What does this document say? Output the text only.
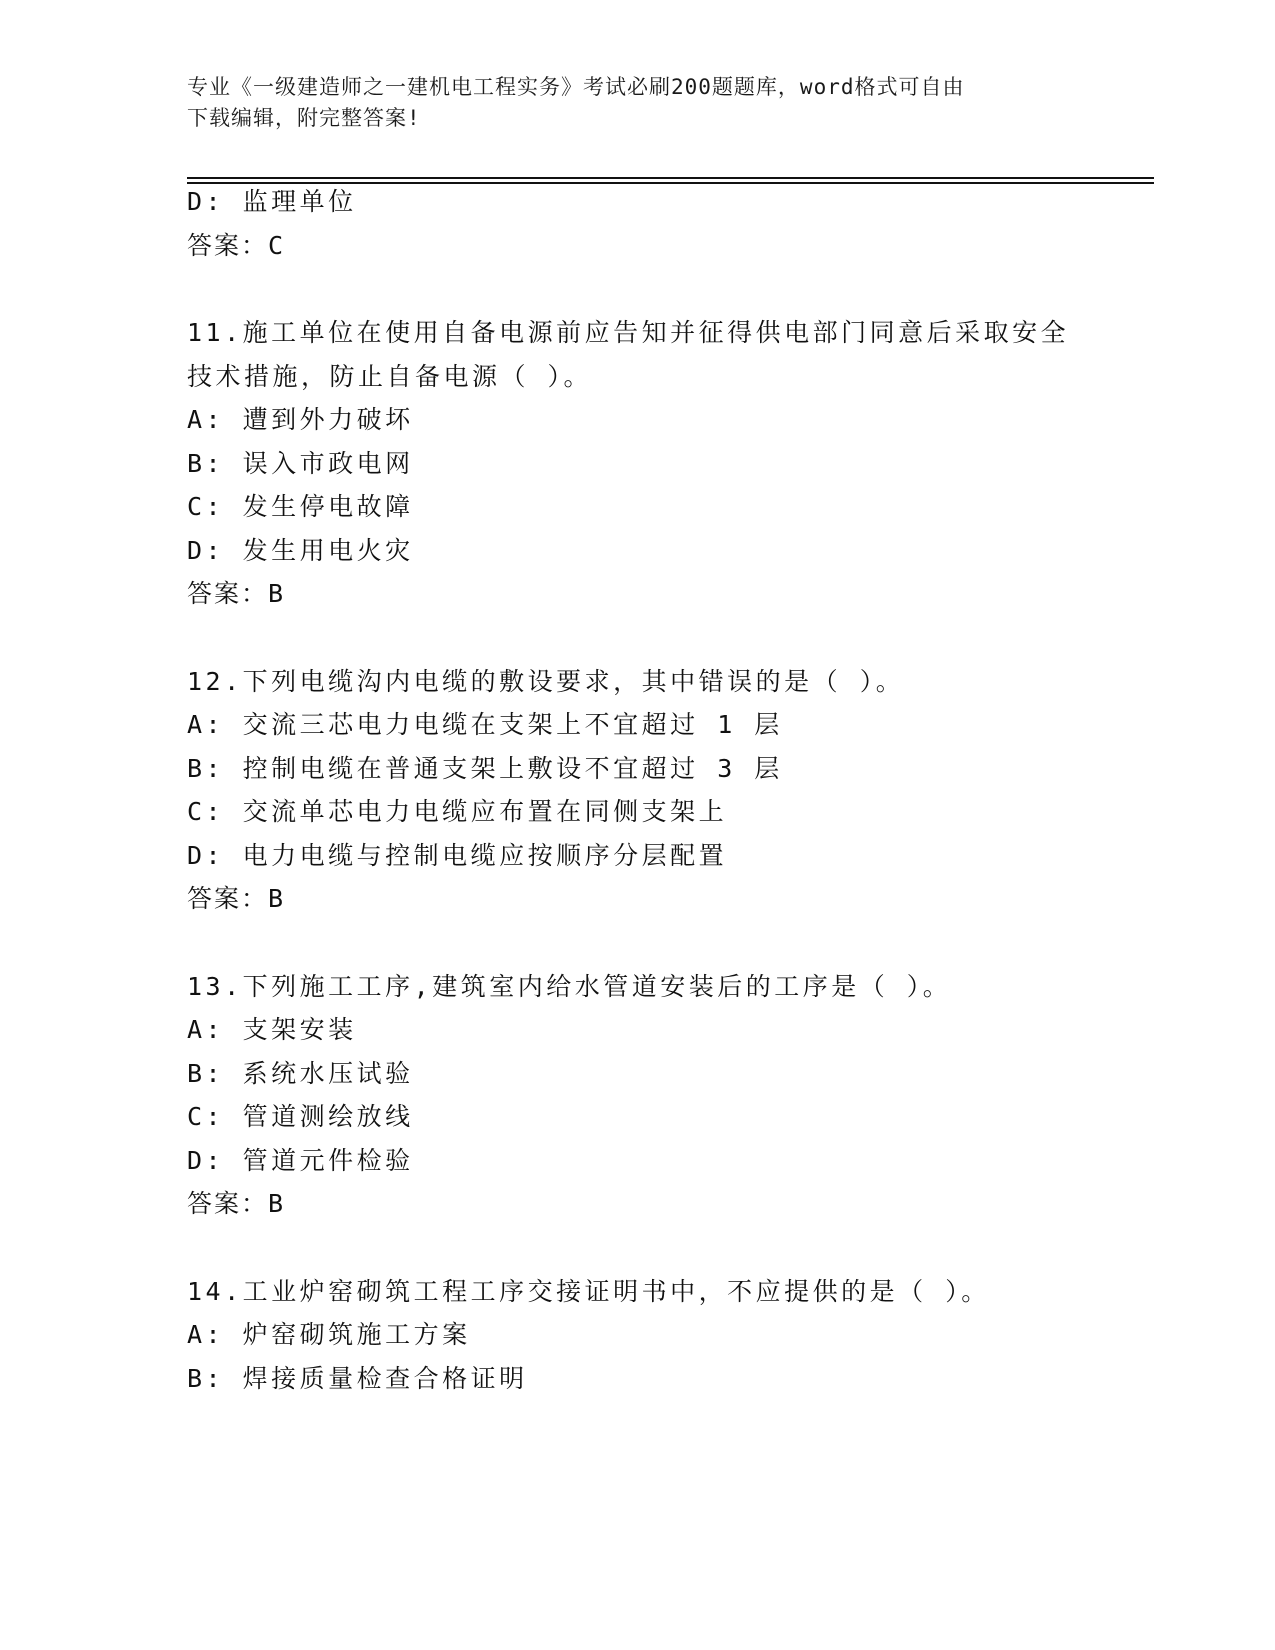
专业《一级建造师之一建机电工程实务》考试必刷200题题库，word格式可自由
下载编辑，附完整答案!
D: 监理单位
答案：C
11.施工单位在使用自备电源前应告知并征得供电部门同意后采取安全
技术措施，防止自备电源（ ）。
A: 遭到外力破坏
B: 误入市政电网
C: 发生停电故障
D: 发生用电火灾
答案：B
12.下列电缆沟内电缆的敷设要求，其中错误的是（ ）。
A: 交流三芯电力电缆在支架上不宜超过 1 层
B: 控制电缆在普通支架上敷设不宜超过 3 层
C: 交流单芯电力电缆应布置在同侧支架上
D: 电力电缆与控制电缆应按顺序分层配置
答案：B
13.下列施工工序,建筑室内给水管道安装后的工序是（ ）。
A: 支架安装
B: 系统水压试验
C: 管道测绘放线
D: 管道元件检验
答案：B
14.工业炉窑砌筑工程工序交接证明书中，不应提供的是（ ）。
A: 炉窑砌筑施工方案
B: 焊接质量检查合格证明
